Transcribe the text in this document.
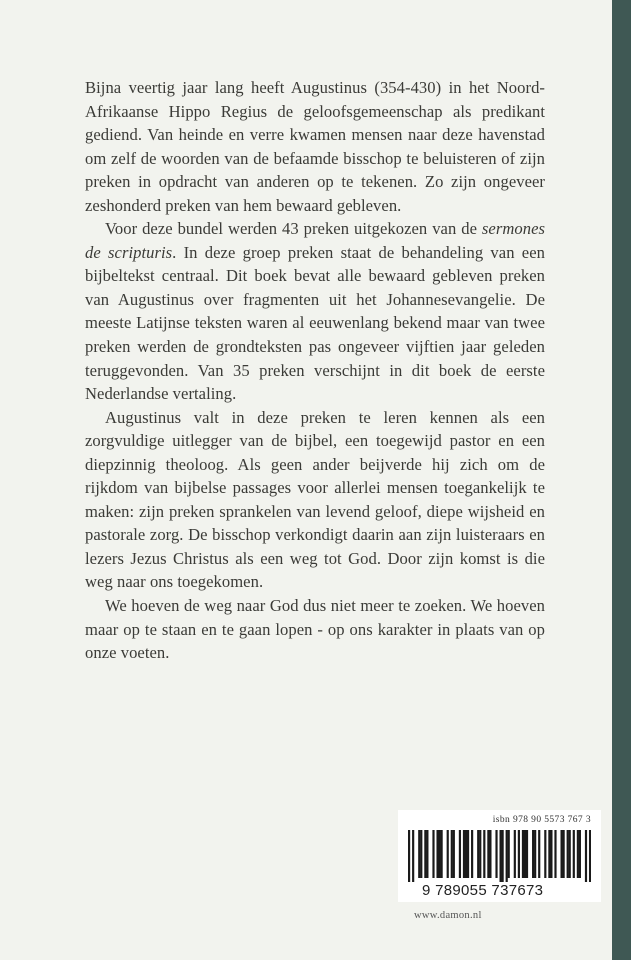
Bijna veertig jaar lang heeft Augustinus (354-430) in het Noord-Afrikaanse Hippo Regius de geloofsgemeenschap als predikant gediend. Van heinde en verre kwamen mensen naar deze havenstad om zelf de woorden van de befaamde bisschop te beluisteren of zijn preken in opdracht van anderen op te tekenen. Zo zijn ongeveer zeshonderd preken van hem bewaard gebleven.

Voor deze bundel werden 43 preken uitgekozen van de sermones de scripturis. In deze groep preken staat de behandeling van een bijbeltekst centraal. Dit boek bevat alle bewaard gebleven preken van Augustinus over fragmenten uit het Johannesevangelie. De meeste Latijnse teksten waren al eeuwenlang bekend maar van twee preken werden de grondteksten pas ongeveer vijftien jaar geleden teruggevonden. Van 35 preken verschijnt in dit boek de eerste Nederlandse vertaling.

Augustinus valt in deze preken te leren kennen als een zorgvuldige uitlegger van de bijbel, een toegewijd pastor en een diepzinnig theoloog. Als geen ander beijverde hij zich om de rijkdom van bijbelse passages voor allerlei mensen toegankelijk te maken: zijn preken sprankelen van levend geloof, diepe wijsheid en pastorale zorg. De bisschop verkondigt daarin aan zijn luisteraars en lezers Jezus Christus als een weg tot God. Door zijn komst is die weg naar ons toegekomen.

We hoeven de weg naar God dus niet meer te zoeken. We hoeven maar op te staan en te gaan lopen - op ons karakter in plaats van op onze voeten.

isbn 978 90 5573 767 3
9 789055 737673
www.damon.nl
